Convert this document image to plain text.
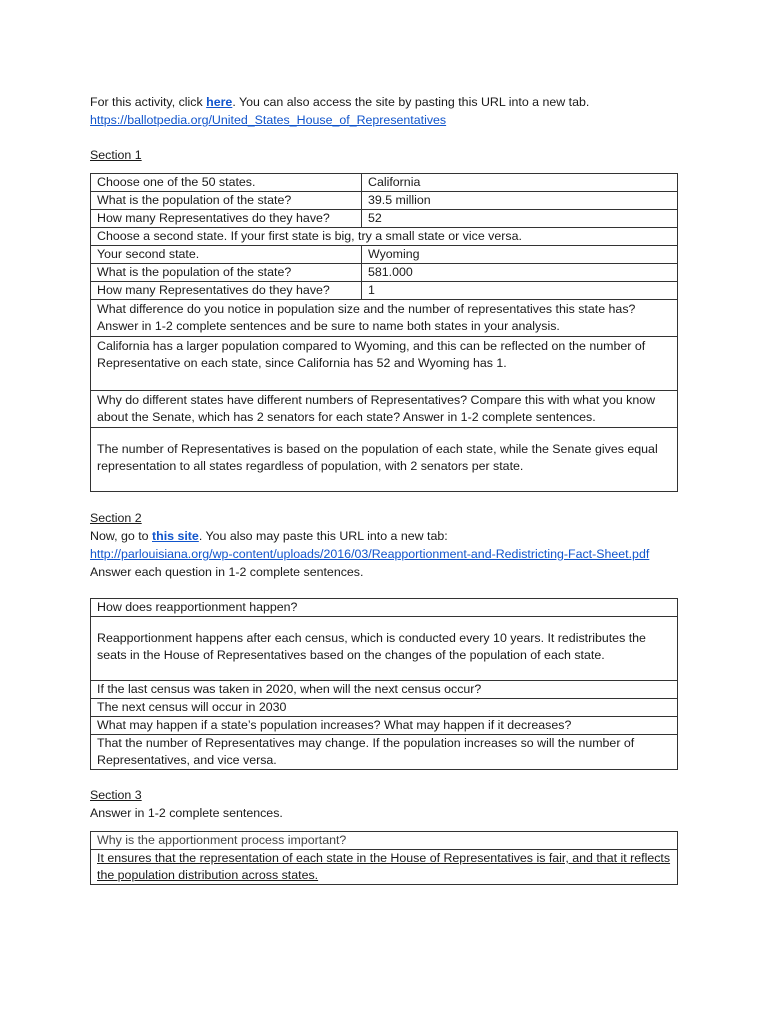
For this activity, click here. You can also access the site by pasting this URL into a new tab.

https://ballotpedia.org/United_States_House_of_Representatives

Section 1

Choose one of the 50 states.	California
What is the population of the state?	39.5 million
How many Representatives do they have?	52
Choose a second state. If your first state is big, try a small state or vice versa.	
Your second state.	Wyoming
What is the population of the state?	581.000
How many Representatives do they have?	1
What difference do you notice in population size and the number of representatives this state has? Answer in 1-2 complete sentences and be sure to name both states in your analysis.	
California has a larger population compared to Wyoming, and this can be reflected on the number of Representative on each state, since California has 52 and Wyoming has 1.	
Why do different states have different numbers of Representatives? Compare this with what you know about the Senate, which has 2 senators for each state? Answer in 1-2 complete sentences.	
The number of Representatives is based on the population of each state, while the Senate gives equal representation to all states regardless of population, with 2 senators per state.	

Section 2

Now, go to this site. You also may paste this URL into a new tab:

http://parlouisiana.org/wp-content/uploads/2016/03/Reapportionment-and-Redistricting-Fact-Sheet.pdf

Answer each question in 1-2 complete sentences.

How does reapportionment happen?
Reapportionment happens after each census, which is conducted every 10 years. It redistributes the seats in the House of Representatives based on the changes of the population of each state.
If the last census was taken in 2020, when will the next census occur?
The next census will occur in 2030
What may happen if a state’s population increases? What may happen if it decreases?
That the number of Representatives may change. If the population increases so will the number of Representatives, and vice versa.

Section 3

Answer in 1-2 complete sentences.

Why is the apportionment process important?
It ensures that the representation of each state in the House of Representatives is fair, and that it reflects the population distribution across states.
